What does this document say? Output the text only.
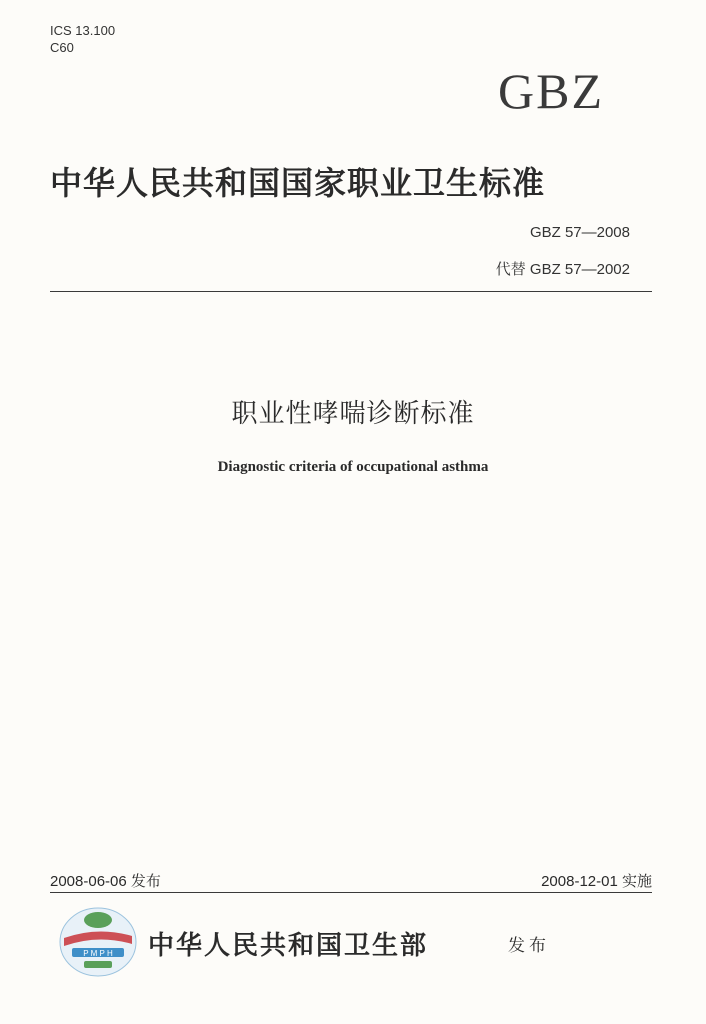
ICS 13.100
C60
GBZ
中华人民共和国国家职业卫生标准
GBZ 57—2008
代替 GBZ 57—2002
职业性哮喘诊断标准
Diagnostic criteria of occupational asthma
2008-06-06 发布	2008-12-01 实施
P M P H 中华人民共和国卫生部	发布
